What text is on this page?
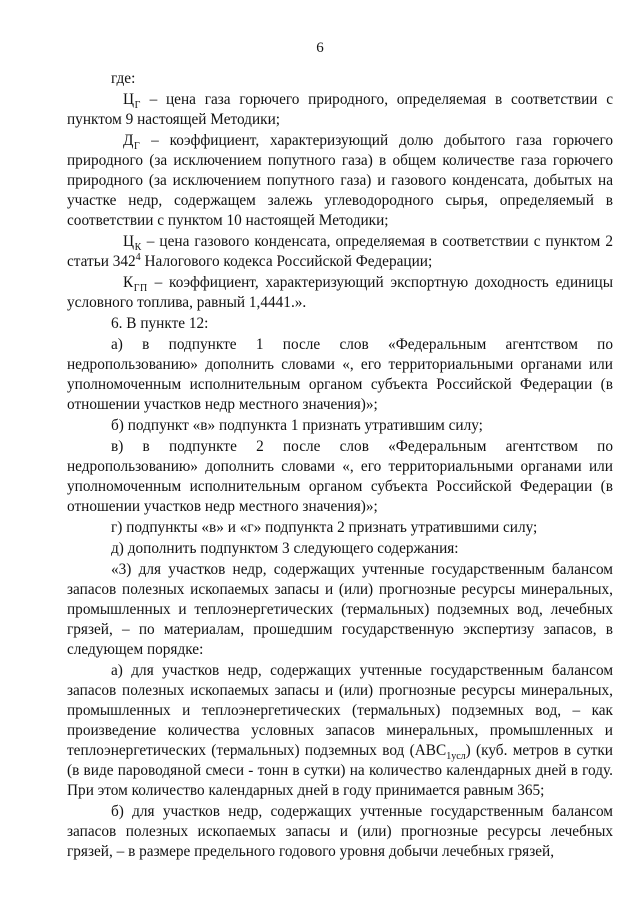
6

где:

$Ц_Г$ – цена газа горючего природного, определяемая в соответствии с пунктом 9 настоящей Методики;

$Д_Г$ – коэффициент, характеризующий долю добытого газа горючего природного (за исключением попутного газа) в общем количестве газа горючего природного (за исключением попутного газа) и газового конденсата, добытых на участке недр, содержащем залежь углеводородного сырья, определяемый в соответствии с пунктом 10 настоящей Методики;

$Ц_К$ – цена газового конденсата, определяемая в соответствии с пунктом 2 статьи $342^4$ Налогового кодекса Российской Федерации;

$К_{ГП}$ – коэффициент, характеризующий экспортную доходность единицы условного топлива, равный 1,4441.».

6. В пункте 12:

а) в подпункте 1 после слов «Федеральным агентством по недропользованию» дополнить словами «, его территориальными органами или уполномоченным исполнительным органом субъекта Российской Федерации (в отношении участков недр местного значения)»;

б) подпункт «в» подпункта 1 признать утратившим силу;

в) в подпункте 2 после слов «Федеральным агентством по недропользованию» дополнить словами «, его территориальными органами или уполномоченным исполнительным органом субъекта Российской Федерации (в отношении участков недр местного значения)»;

г) подпункты «в» и «г» подпункта 2 признать утратившими силу;

д) дополнить подпунктом 3 следующего содержания:

«3) для участков недр, содержащих учтенные государственным балансом запасов полезных ископаемых запасы и (или) прогнозные ресурсы минеральных, промышленных и теплоэнергетических (термальных) подземных вод, лечебных грязей, – по материалам, прошедшим государственную экспертизу запасов, в следующем порядке:

а) для участков недр, содержащих учтенные государственным балансом запасов полезных ископаемых запасы и (или) прогнозные ресурсы минеральных, промышленных и теплоэнергетических (термальных) подземных вод, – как произведение количества условных запасов минеральных, промышленных и теплоэнергетических (термальных) подземных вод $(ABC_{1усл})$ (куб. метров в сутки (в виде пароводяной смеси - тонн в сутки) на количество календарных дней в году. При этом количество календарных дней в году принимается равным 365;

б) для участков недр, содержащих учтенные государственным балансом запасов полезных ископаемых запасы и (или) прогнозные ресурсы лечебных грязей, – в размере предельного годового уровня добычи лечебных грязей,
